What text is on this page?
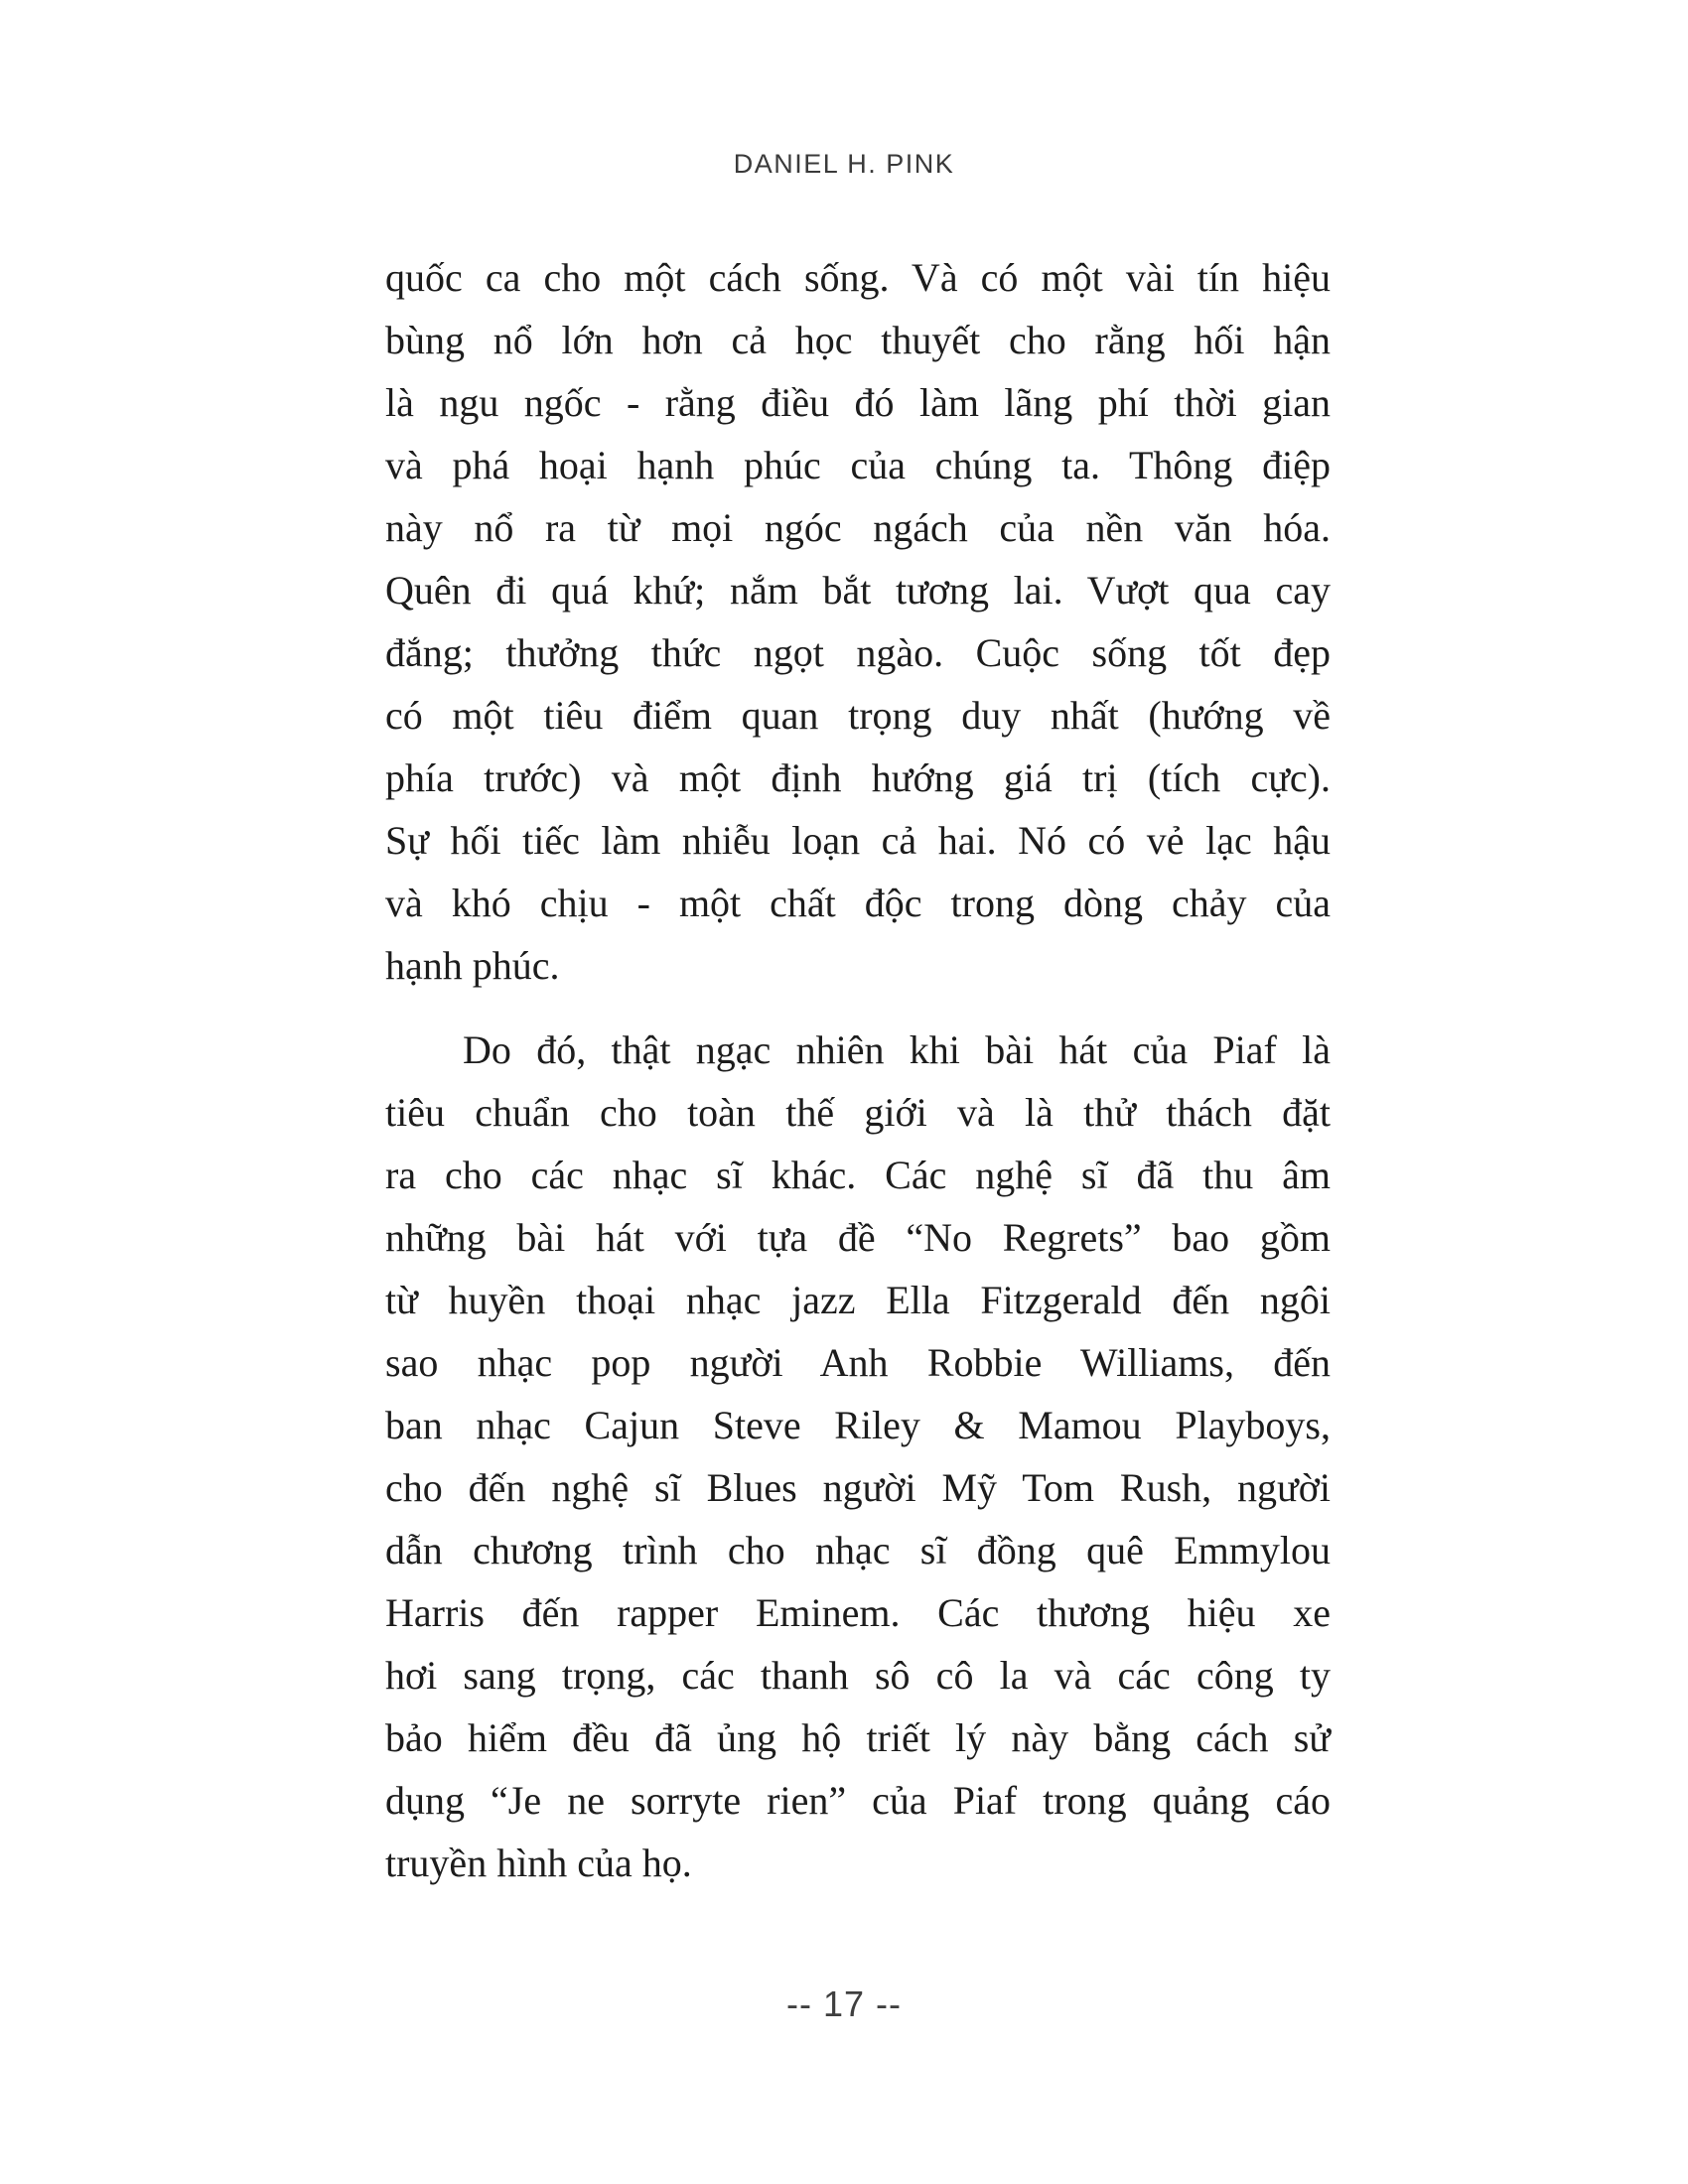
DANIEL H. PINK
quốc ca cho một cách sống. Và có một vài tín hiệu
bùng nổ lớn hơn cả học thuyết cho rằng hối hận
là ngu ngốc - rằng điều đó làm lãng phí thời gian
và phá hoại hạnh phúc của chúng ta. Thông điệp
này nổ ra từ mọi ngóc ngách của nền văn hóa.
Quên đi quá khứ; nắm bắt tương lai. Vượt qua cay
đắng; thưởng thức ngọt ngào. Cuộc sống tốt đẹp
có một tiêu điểm quan trọng duy nhất (hướng về
phía trước) và một định hướng giá trị (tích cực).
Sự hối tiếc làm nhiễu loạn cả hai. Nó có vẻ lạc hậu
và khó chịu - một chất độc trong dòng chảy của
hạnh phúc.
Do đó, thật ngạc nhiên khi bài hát của Piaf là
tiêu chuẩn cho toàn thế giới và là thử thách đặt
ra cho các nhạc sĩ khác. Các nghệ sĩ đã thu âm
những bài hát với tựa đề “No Regrets” bao gồm
từ huyền thoại nhạc jazz Ella Fitzgerald đến ngôi
sao nhạc pop người Anh Robbie Williams, đến
ban nhạc Cajun Steve Riley & Mamou Playboys,
cho đến nghệ sĩ Blues người Mỹ Tom Rush, người
dẫn chương trình cho nhạc sĩ đồng quê Emmylou
Harris đến rapper Eminem. Các thương hiệu xe
hơi sang trọng, các thanh sô cô la và các công ty
bảo hiểm đều đã ủng hộ triết lý này bằng cách sử
dụng “Je ne sorryte rien” của Piaf trong quảng cáo
truyền hình của họ.
-- 17 --
